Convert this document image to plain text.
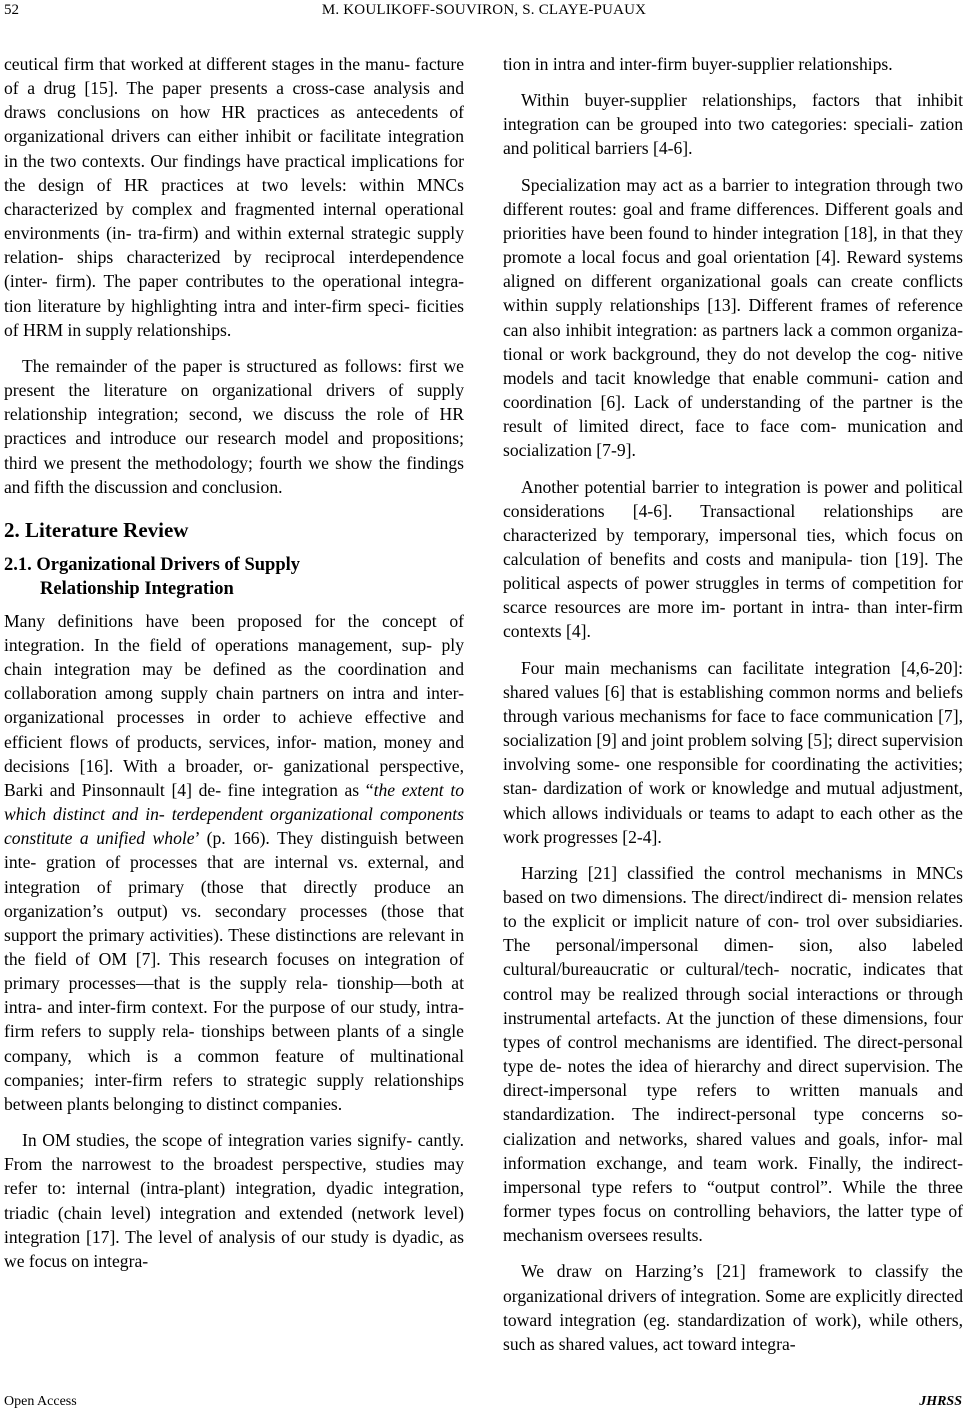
52	M. KOULIKOFF-SOUVIRON, S. CLAYE-PUAUX

ceutical firm that worked at different stages in the manu- facture of a drug [15]. The paper presents a cross-case analysis and draws conclusions on how HR practices as antecedents of organizational drivers can either inhibit or facilitate integration in the two contexts. Our findings have practical implications for the design of HR practices at two levels: within MNCs characterized by complex and fragmented internal operational environments (in- tra-firm) and within external strategic supply relation- ships characterized by reciprocal interdependence (inter- firm). The paper contributes to the operational integra- tion literature by highlighting intra and inter-firm speci- ficities of HRM in supply relationships.

The remainder of the paper is structured as follows: first we present the literature on organizational drivers of supply relationship integration; second, we discuss the role of HR practices and introduce our research model and propositions; third we present the methodology; fourth we show the findings and fifth the discussion and conclusion.

2. Literature Review
2.1. Organizational Drivers of Supply
Relationship Integration

Many definitions have been proposed for the concept of integration. In the field of operations management, sup- ply chain integration may be defined as the coordination and collaboration among supply chain partners on intra and inter-organizational processes in order to achieve effective and efficient flows of products, services, infor- mation, money and decisions [16]. With a broader, or- ganizational perspective, Barki and Pinsonnault [4] de- fine integration as “the extent to which distinct and in- terdependent organizational components constitute a unified whole’ (p. 166). They distinguish between inte- gration of processes that are internal vs. external, and integration of primary (those that directly produce an organization’s output) vs. secondary processes (those that support the primary activities). These distinctions are relevant in the field of OM [7]. This research focuses on integration of primary processes—that is the supply rela- tionship—both at intra- and inter-firm context. For the purpose of our study, intra-firm refers to supply rela- tionships between plants of a single company, which is a common feature of multinational companies; inter-firm refers to strategic supply relationships between plants belonging to distinct companies.

In OM studies, the scope of integration varies signify- cantly. From the narrowest to the broadest perspective, studies may refer to: internal (intra-plant) integration, dyadic integration, triadic (chain level) integration and extended (network level) integration [17]. The level of analysis of our study is dyadic, as we focus on integra-

tion in intra and inter-firm buyer-supplier relationships.

Within buyer-supplier relationships, factors that inhibit integration can be grouped into two categories: speciali- zation and political barriers [4-6].

Specialization may act as a barrier to integration through two different routes: goal and frame differences. Different goals and priorities have been found to hinder integration [18], in that they promote a local focus and goal orientation [4]. Reward systems aligned on different organizational goals can create conflicts within supply relationships [13]. Different frames of reference can also inhibit integration: as partners lack a common organiza- tional or work background, they do not develop the cog- nitive models and tacit knowledge that enable communi- cation and coordination [6]. Lack of understanding of the partner is the result of limited direct, face to face com- munication and socialization [7-9].

Another potential barrier to integration is power and political considerations [4-6]. Transactional relationships are characterized by temporary, impersonal ties, which focus on calculation of benefits and costs and manipula- tion [19]. The political aspects of power struggles in terms of competition for scarce resources are more im- portant in intra- than inter-firm contexts [4].

Four main mechanisms can facilitate integration [4,6-20]: shared values [6] that is establishing common norms and beliefs through various mechanisms for face to face communication [7], socialization [9] and joint problem solving [5]; direct supervision involving some- one responsible for coordinating the activities; stan- dardization of work or knowledge and mutual adjustment, which allows individuals or teams to adapt to each other as the work progresses [2-4].

Harzing [21] classified the control mechanisms in MNCs based on two dimensions. The direct/indirect di- mension relates to the explicit or implicit nature of con- trol over subsidiaries. The personal/impersonal dimen- sion, also labeled cultural/bureaucratic or cultural/tech- nocratic, indicates that control may be realized through social interactions or through instrumental artefacts. At the junction of these dimensions, four types of control mechanisms are identified. The direct-personal type de- notes the idea of hierarchy and direct supervision. The direct-impersonal type refers to written manuals and standardization. The indirect-personal type concerns so- cialization and networks, shared values and goals, infor- mal information exchange, and team work. Finally, the indirect-impersonal type refers to “output control”. While the three former types focus on controlling behaviors, the latter type of mechanism oversees results.

We draw on Harzing’s [21] framework to classify the organizational drivers of integration. Some are explicitly directed toward integration (eg. standardization of work), while others, such as shared values, act toward integra-

Open Access	JHRSS
